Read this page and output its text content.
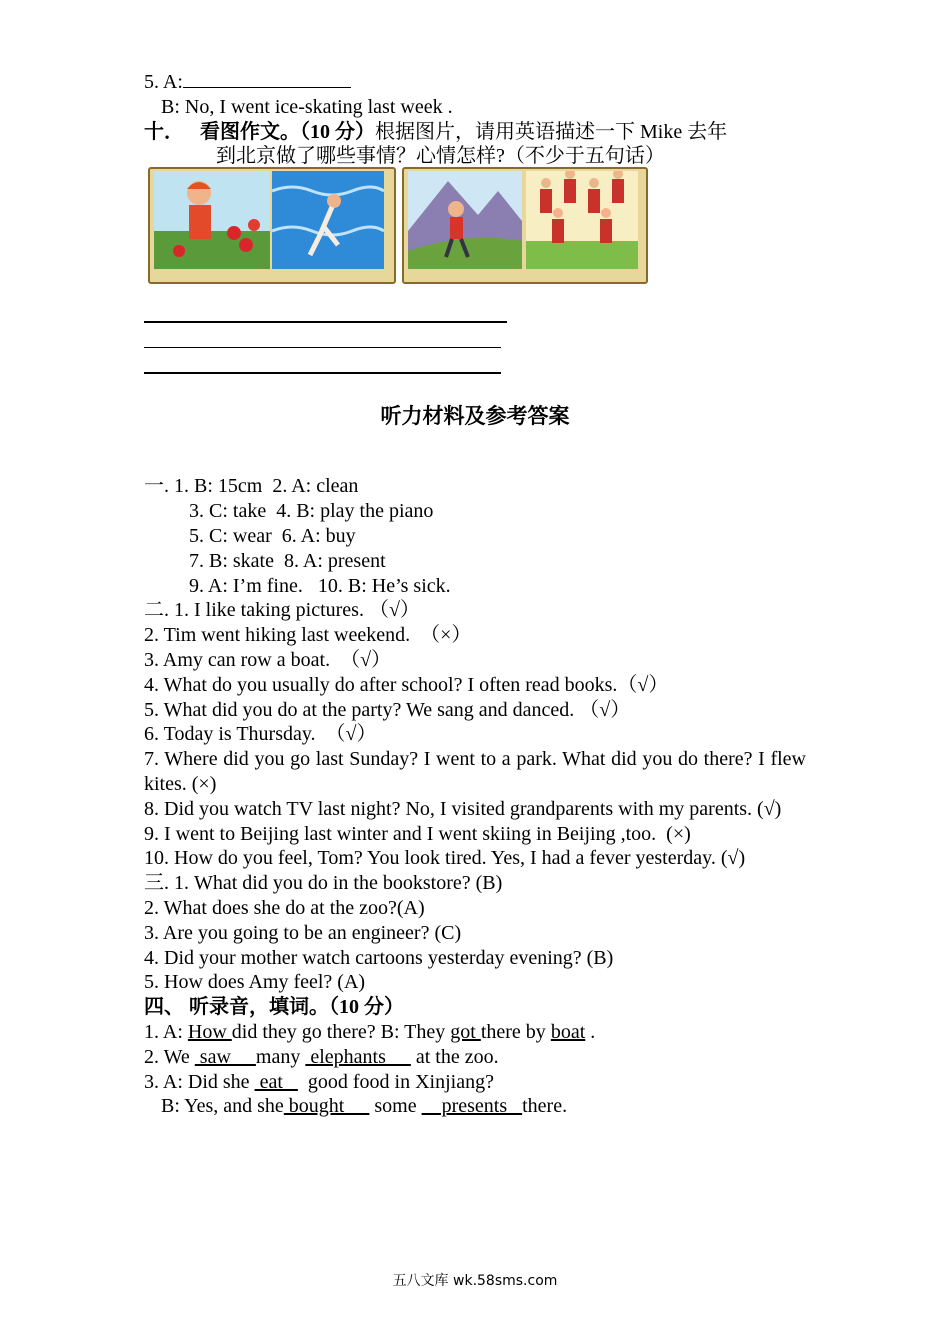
5. A:
B: No, I went ice-skating last week .
十． 看图作文。（10 分）根据图片，请用英语描述一下 Mike 去年
到北京做了哪些事情？心情怎样?（不少于五句话）
听力材料及参考答案
一. 1. B: 15cm  2. A: clean
3. C: take  4. B: play the piano
5. C: wear  6. A: buy
7. B: skate  8. A: present
9. A: I’m fine.   10. B: He’s sick.
二. 1. I like taking pictures. （√）
2. Tim went hiking last weekend.  （×）
3. Amy can row a boat.  （√）
4. What do you usually do after school? I often read books.（√）
5. What did you do at the party? We sang and danced. （√）
6. Today is Thursday.  （√）
7. Where did you go last Sunday? I went to a park. What did you do there? I flew kites. (×)
8. Did you watch TV last night? No, I visited grandparents with my parents. (√)
9. I went to Beijing last winter and I went skiing in Beijing ,too.  (×)
10. How do you feel, Tom? You look tired. Yes, I had a fever yesterday. (√)
三. 1. What did you do in the bookstore? (B)
2. What does she do at the zoo?(A)
3. Are you going to be an engineer? (C)
4. Did your mother watch cartoons yesterday evening? (B)
5. How does Amy feel? (A)
四、 听录音，填词。（10 分）
1. A: How did they go there? B: They got there by boat .
2. We  saw     many  elephants      at the zoo.
3. A: Did she  eat     good food in Xinjiang?
B: Yes, and she bought      some     presents   there.
五八文库 wk.58sms.com
